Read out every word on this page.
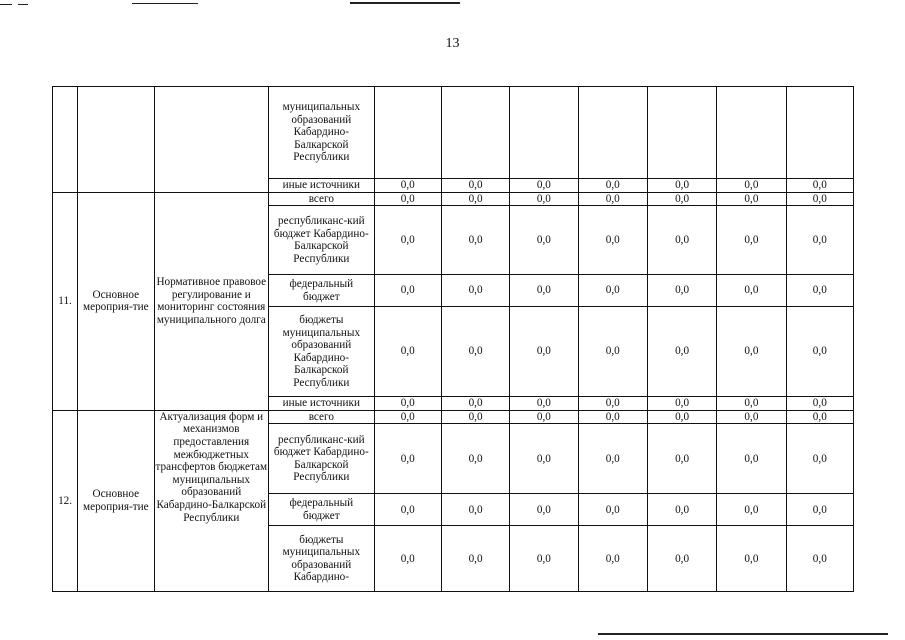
13
			муниципальных образований Кабардино-Балкарской Республики							
			иные источники	0,0	0,0	0,0	0,0	0,0	0,0	0,0
11.	Основное мероприя-тие	Нормативное правовое регулирование и мониторинг состояния муниципального долга	всего	0,0	0,0	0,0	0,0	0,0	0,0	0,0
			республиканс-кий бюджет Кабардино-Балкарской Республики	0,0	0,0	0,0	0,0	0,0	0,0	0,0
			федеральный бюджет	0,0	0,0	0,0	0,0	0,0	0,0	0,0
			бюджеты муниципальных образований Кабардино-Балкарской Республики	0,0	0,0	0,0	0,0	0,0	0,0	0,0
			иные источники	0,0	0,0	0,0	0,0	0,0	0,0	0,0
12.	Основное мероприя-тие	Актуализация форм и механизмов предоставления межбюджетных трансфертов бюджетам муниципальных образований Кабардино-Балкарской Республики	всего	0,0	0,0	0,0	0,0	0,0	0,0	0,0
			республиканс-кий бюджет Кабардино-Балкарской Республики	0,0	0,0	0,0	0,0	0,0	0,0	0,0
			федеральный бюджет	0,0	0,0	0,0	0,0	0,0	0,0	0,0
			бюджеты муниципальных образований Кабардино-	0,0	0,0	0,0	0,0	0,0	0,0	0,0
